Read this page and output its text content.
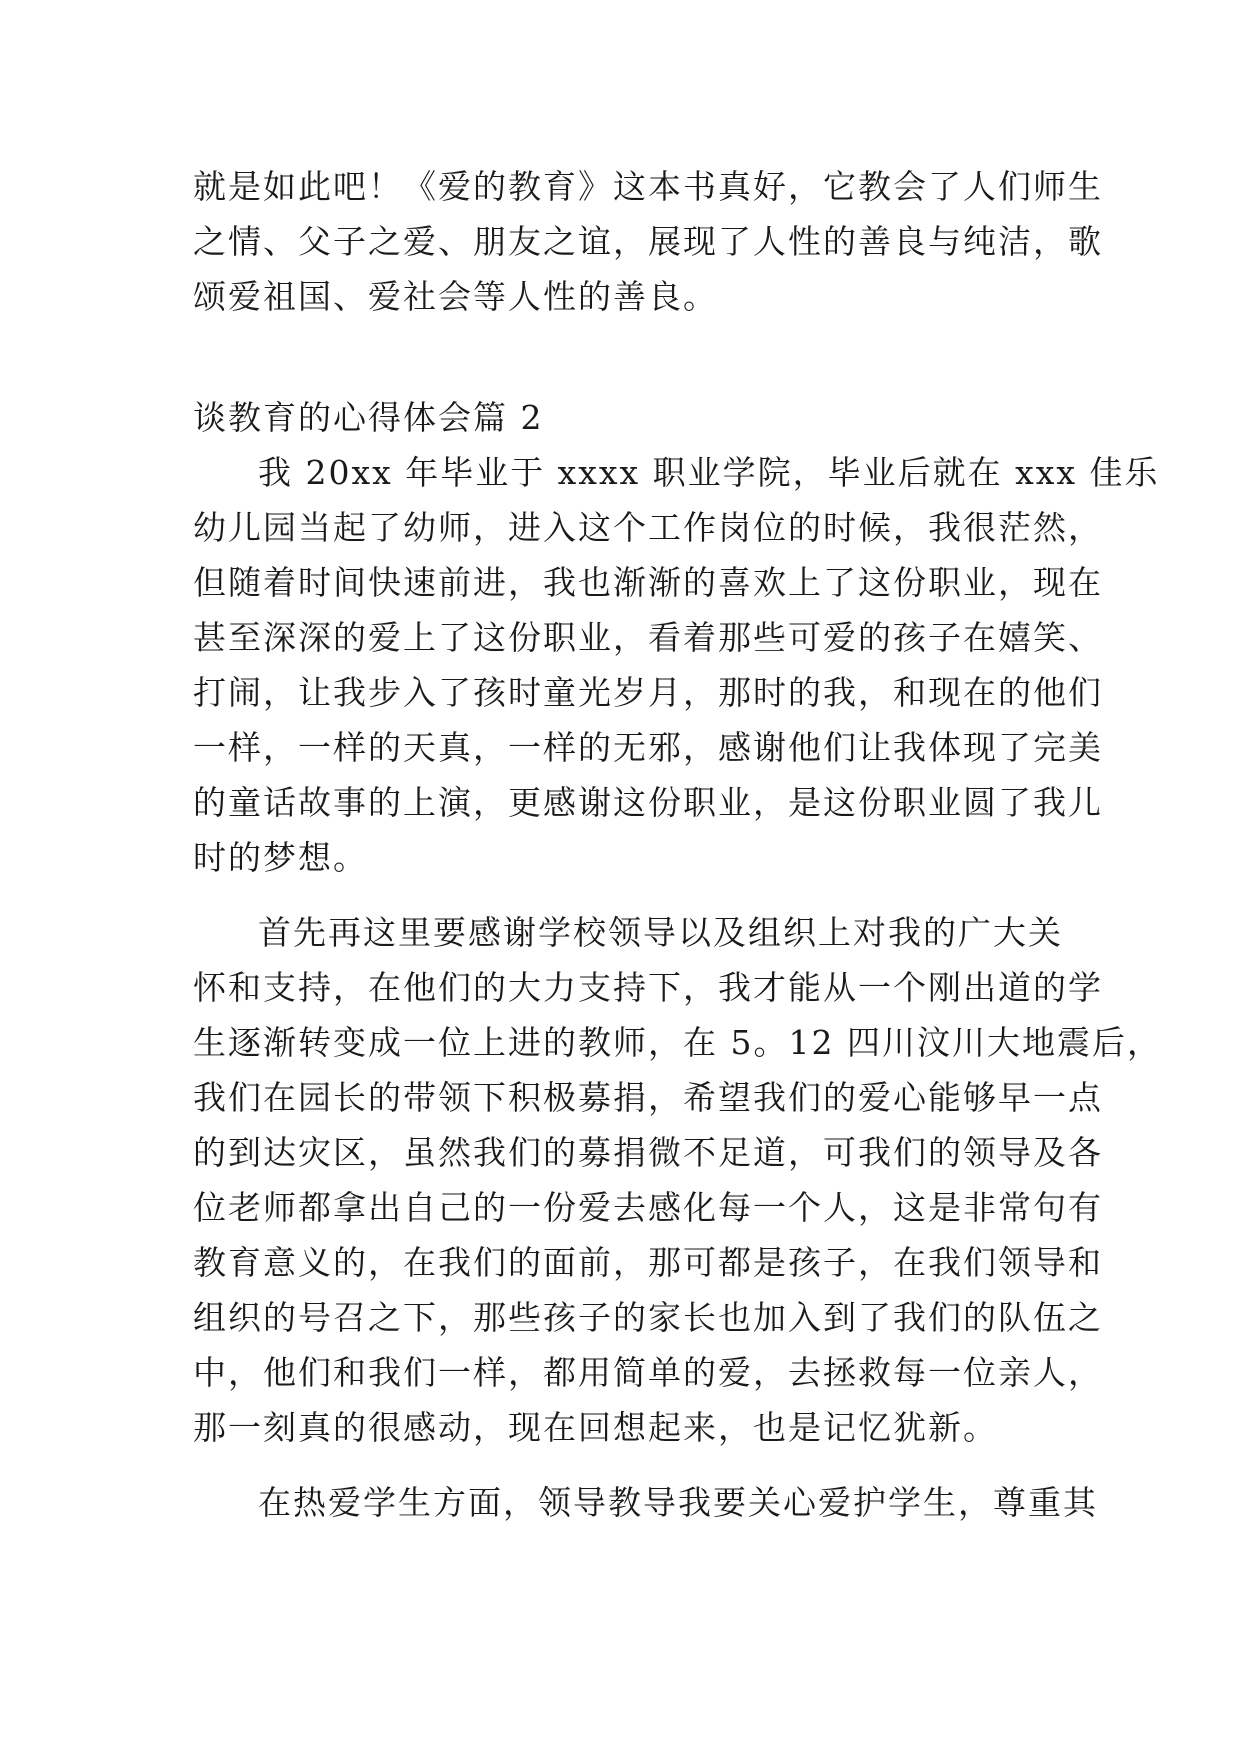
就是如此吧！《爱的教育》这本书真好，它教会了人们师生
之情、父子之爱、朋友之谊，展现了人性的善良与纯洁，歌
颂爱祖国、爱社会等人性的善良。
谈教育的心得体会篇 2
我 20xx 年毕业于 xxxx 职业学院，毕业后就在 xxx 佳乐
幼儿园当起了幼师，进入这个工作岗位的时候，我很茫然，
但随着时间快速前进，我也渐渐的喜欢上了这份职业，现在
甚至深深的爱上了这份职业，看着那些可爱的孩子在嬉笑、
打闹，让我步入了孩时童光岁月，那时的我，和现在的他们
一样，一样的天真，一样的无邪，感谢他们让我体现了完美
的童话故事的上演，更感谢这份职业，是这份职业圆了我儿
时的梦想。
首先再这里要感谢学校领导以及组织上对我的广大关
怀和支持，在他们的大力支持下，我才能从一个刚出道的学
生逐渐转变成一位上进的教师，在 5。12 四川汶川大地震后，
我们在园长的带领下积极募捐，希望我们的爱心能够早一点
的到达灾区，虽然我们的募捐微不足道，可我们的领导及各
位老师都拿出自己的一份爱去感化每一个人，这是非常句有
教育意义的，在我们的面前，那可都是孩子，在我们领导和
组织的号召之下，那些孩子的家长也加入到了我们的队伍之
中，他们和我们一样，都用简单的爱，去拯救每一位亲人，
那一刻真的很感动，现在回想起来，也是记忆犹新。
在热爱学生方面，领导教导我要关心爱护学生，尊重其
